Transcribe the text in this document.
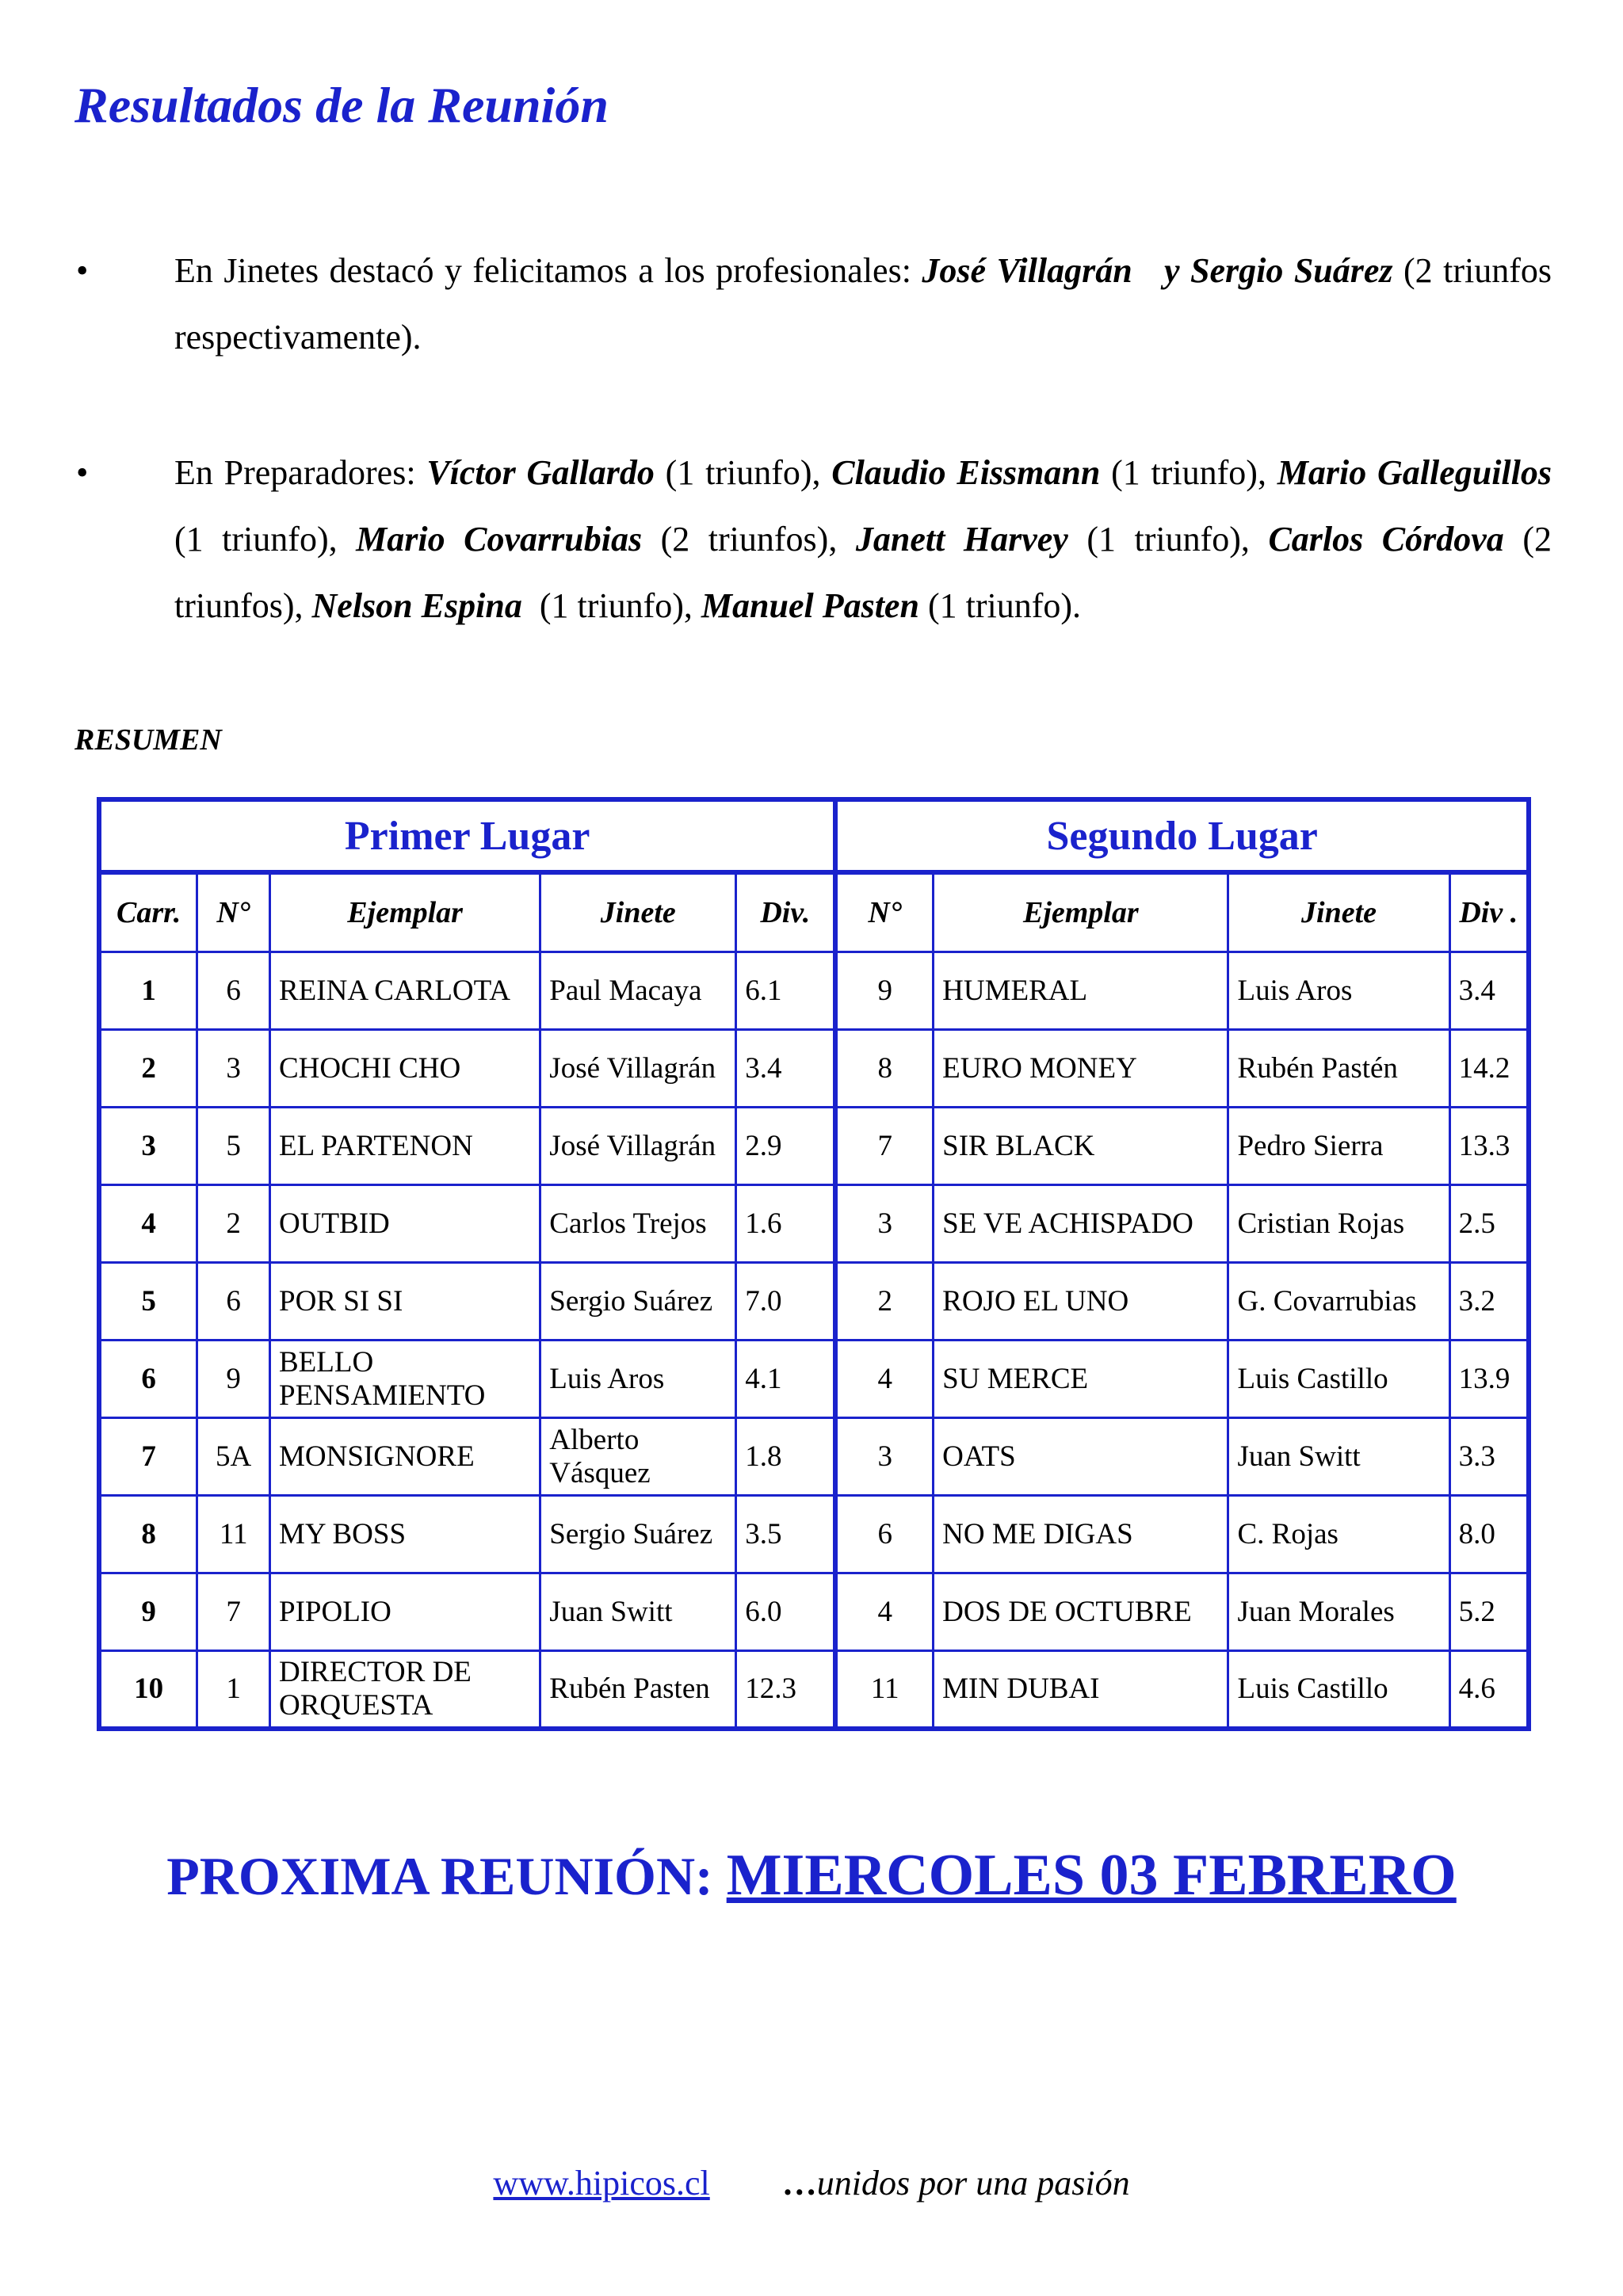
Resultados de la Reunión
• En Jinetes destacó y felicitamos a los profesionales: José Villagrán   y Sergio Suárez (2 triunfos respectivamente).
• En Preparadores: Víctor Gallardo (1 triunfo), Claudio Eissmann (1 triunfo), Mario Galleguillos (1 triunfo), Mario Covarrubias (2 triunfos), Janett Harvey (1 triunfo), Carlos Córdova (2 triunfos), Nelson Espina  (1 triunfo), Manuel Pasten (1 triunfo).
RESUMEN
Primer Lugar					Segundo Lugar			
Carr.	N°	Ejemplar	Jinete	Div.	N°	Ejemplar	Jinete	Div .
1	6	REINA CARLOTA	Paul Macaya	6.1	9	HUMERAL	Luis Aros	3.4
2	3	CHOCHI CHO	José Villagrán	3.4	8	EURO MONEY	Rubén Pastén	14.2
3	5	EL PARTENON	José Villagrán	2.9	7	SIR BLACK	Pedro Sierra	13.3
4	2	OUTBID	Carlos Trejos	1.6	3	SE VE ACHISPADO	Cristian Rojas	2.5
5	6	POR SI SI	Sergio Suárez	7.0	2	ROJO EL UNO	G. Covarrubias	3.2
6	9	BELLO PENSAMIENTO	Luis Aros	4.1	4	SU MERCE	Luis Castillo	13.9
7	5A	MONSIGNORE	Alberto Vásquez	1.8	3	OATS	Juan Switt	3.3
8	11	MY BOSS	Sergio Suárez	3.5	6	NO ME DIGAS	C. Rojas	8.0
9	7	PIPOLIO	Juan Switt	6.0	4	DOS DE OCTUBRE	Juan Morales	5.2
10	1	DIRECTOR DE ORQUESTA	Rubén Pasten	12.3	11	MIN DUBAI	Luis Castillo	4.6
PROXIMA REUNIÓN: MIERCOLES 03 FEBRERO
www.hipicos.cl …unidos por una pasión
